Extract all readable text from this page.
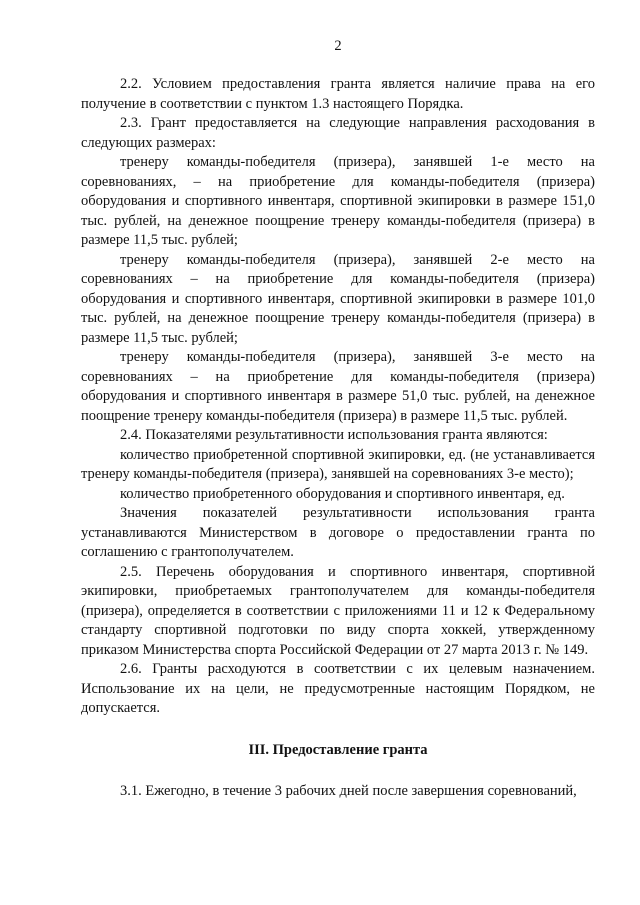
2

2.2. Условием предоставления гранта является наличие права на его получение в соответствии с пунктом 1.3 настоящего Порядка.

2.3. Грант предоставляется на следующие направления расходования в следующих размерах:

тренеру команды-победителя (призера), занявшей 1-е место на соревнованиях, – на приобретение для команды-победителя (призера) оборудования и спортивного инвентаря, спортивной экипировки в размере 151,0 тыс. рублей, на денежное поощрение тренеру команды-победителя (призера) в размере 11,5 тыс. рублей;

тренеру команды-победителя (призера), занявшей 2-е место на соревнованиях – на приобретение для команды-победителя (призера) оборудования и спортивного инвентаря, спортивной экипировки в размере 101,0 тыс. рублей, на денежное поощрение тренеру команды-победителя (призера) в размере 11,5 тыс. рублей;

тренеру команды-победителя (призера), занявшей 3-е место на соревнованиях – на приобретение для команды-победителя (призера) оборудования и спортивного инвентаря в размере 51,0 тыс. рублей, на денежное поощрение тренеру команды-победителя (призера) в размере 11,5 тыс. рублей.

2.4. Показателями результативности использования гранта являются:

количество приобретенной спортивной экипировки, ед. (не устанавливается тренеру команды-победителя (призера), занявшей на соревнованиях 3-е место);

количество приобретенного оборудования и спортивного инвентаря, ед.

Значения показателей результативности использования гранта устанавливаются Министерством в договоре о предоставлении гранта по соглашению с грантополучателем.

2.5. Перечень оборудования и спортивного инвентаря, спортивной экипировки, приобретаемых грантополучателем для команды-победителя (призера), определяется в соответствии с приложениями 11 и 12 к Федеральному стандарту спортивной подготовки по виду спорта хоккей, утвержденному приказом Министерства спорта Российской Федерации от 27 марта 2013 г. № 149.

2.6. Гранты расходуются в соответствии с их целевым назначением. Использование их на цели, не предусмотренные настоящим Порядком, не допускается.

III. Предоставление гранта

3.1. Ежегодно, в течение 3 рабочих дней после завершения соревнований,
